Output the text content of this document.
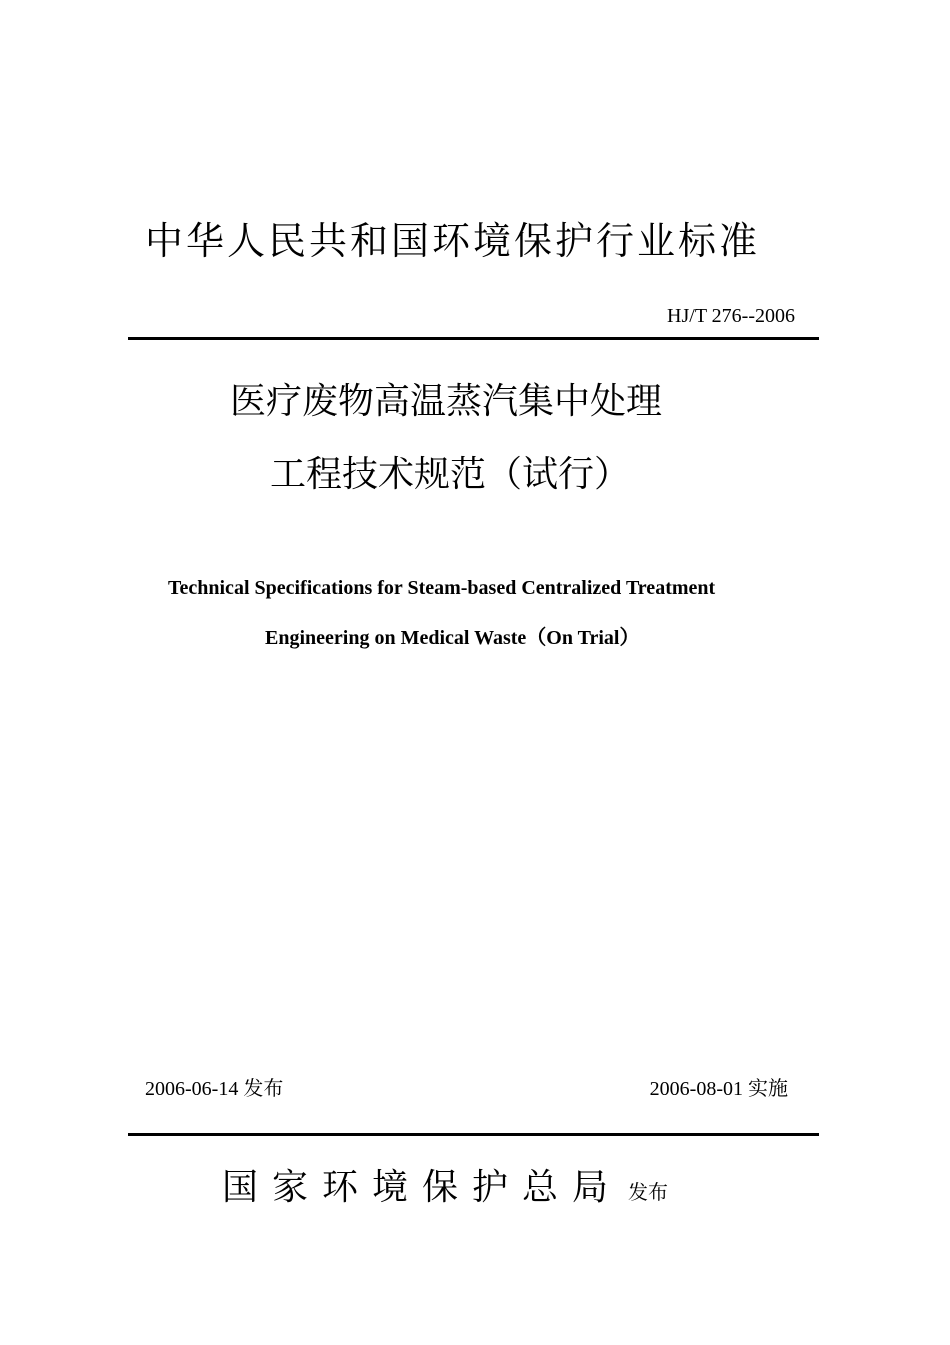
中华人民共和国环境保护行业标准
HJ/T 276--2006
医疗废物高温蒸汽集中处理
工程技术规范（试行）
Technical Specifications for Steam-based Centralized Treatment
Engineering on Medical Waste（On Trial）
2006-06-14 发布	2006-08-01 实施
国家环境保护总局 发布
